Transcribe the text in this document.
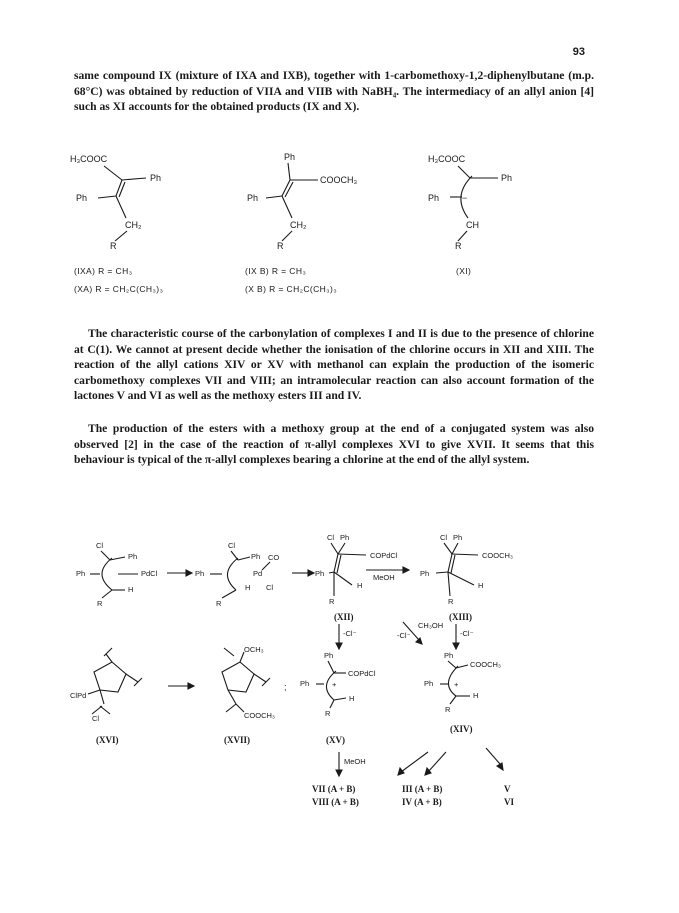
93

same compound IX (mixture of IXA and IXB), together with 1-carbomethoxy-1,2-diphenylbutane (m.p. 68°C) was obtained by reduction of VIIA and VIIB with NaBH₄. The intermediacy of an allyl anion [4] such as XI accounts for the obtained products (IX and X).

H₃COOC
Ph
Ph
CH₂
R
Ph
COOCH₃
Ph
CH₂
R
H₃COOC
Ph
Ph	−
CH
R
(IXA) R = CH₃
(XA) R = CH₂C(CH₃)₃
(IX B) R = CH₃
(X B) R = CH₂C(CH₃)₃
(XI)

The characteristic course of the carbonylation of complexes I and II is due to the presence of chlorine at C(1). We cannot at present decide whether the ionisation of the chlorine occurs in XII and XIII. The reaction of the allyl cations XIV or XV with methanol can explain the production of the isomeric carbomethoxy complexes VII and VIII; an intramolecular reaction can also account formation of the lactones V and VI as well as the methoxy esters III and IV.

The production of the esters with a methoxy group at the end of a conjugated system was also observed [2] in the case of the reaction of π-allyl complexes XVI to give XVII. It seems that this behaviour is typical of the π-allyl complexes bearing a chlorine at the end of the allyl system.

Cl
Ph
Ph	PdCl
H
R
Cl
Ph CO
Ph	Pd
H Cl
R
Cl Ph
COPdCl
Ph
H
R
(XII)
MeOH
Cl Ph
COOCH₃
Ph
H
R
(XIII)
-Cl⁻	-Cl⁻
CH₃OH
-Cl⁻
ClPd
Cl
(XVI)
OCH₃
COOCH₃
(XVII)
;
Ph
COPdCl
Ph	+
H
R
(XV)
Ph
COOCH₃
Ph	+
H
R
(XIV)
MeOH
VII (A + B)
VIII (A + B)
III (A + B)
IV (A + B)
V
VI
